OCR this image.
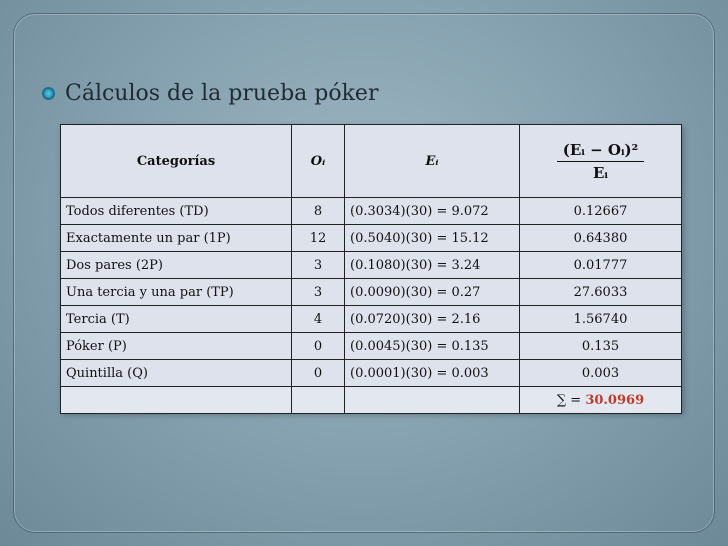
Cálculos de la prueba póker
Categorías	Oᵢ	Eᵢ	$\frac{\text{(Eᵢ − Oᵢ)²}}{\text{Eᵢ}}$

Todos diferentes (TD)	8	(0.3034)(30) = 9.072	0.12667
Exactamente un par (1P)	12	(0.5040)(30) = 15.12	0.64380
Dos pares (2P)	3	(0.1080)(30) = 3.24	0.01777
Una tercia y una par (TP)	3	(0.0090)(30) = 0.27	27.6033
Tercia (T)	4	(0.0720)(30) = 2.16	1.56740
Póker (P)	0	(0.0045)(30) = 0.135	0.135
Quintilla (Q)	0	(0.0001)(30) = 0.003	0.003
			∑ = 30.0969
